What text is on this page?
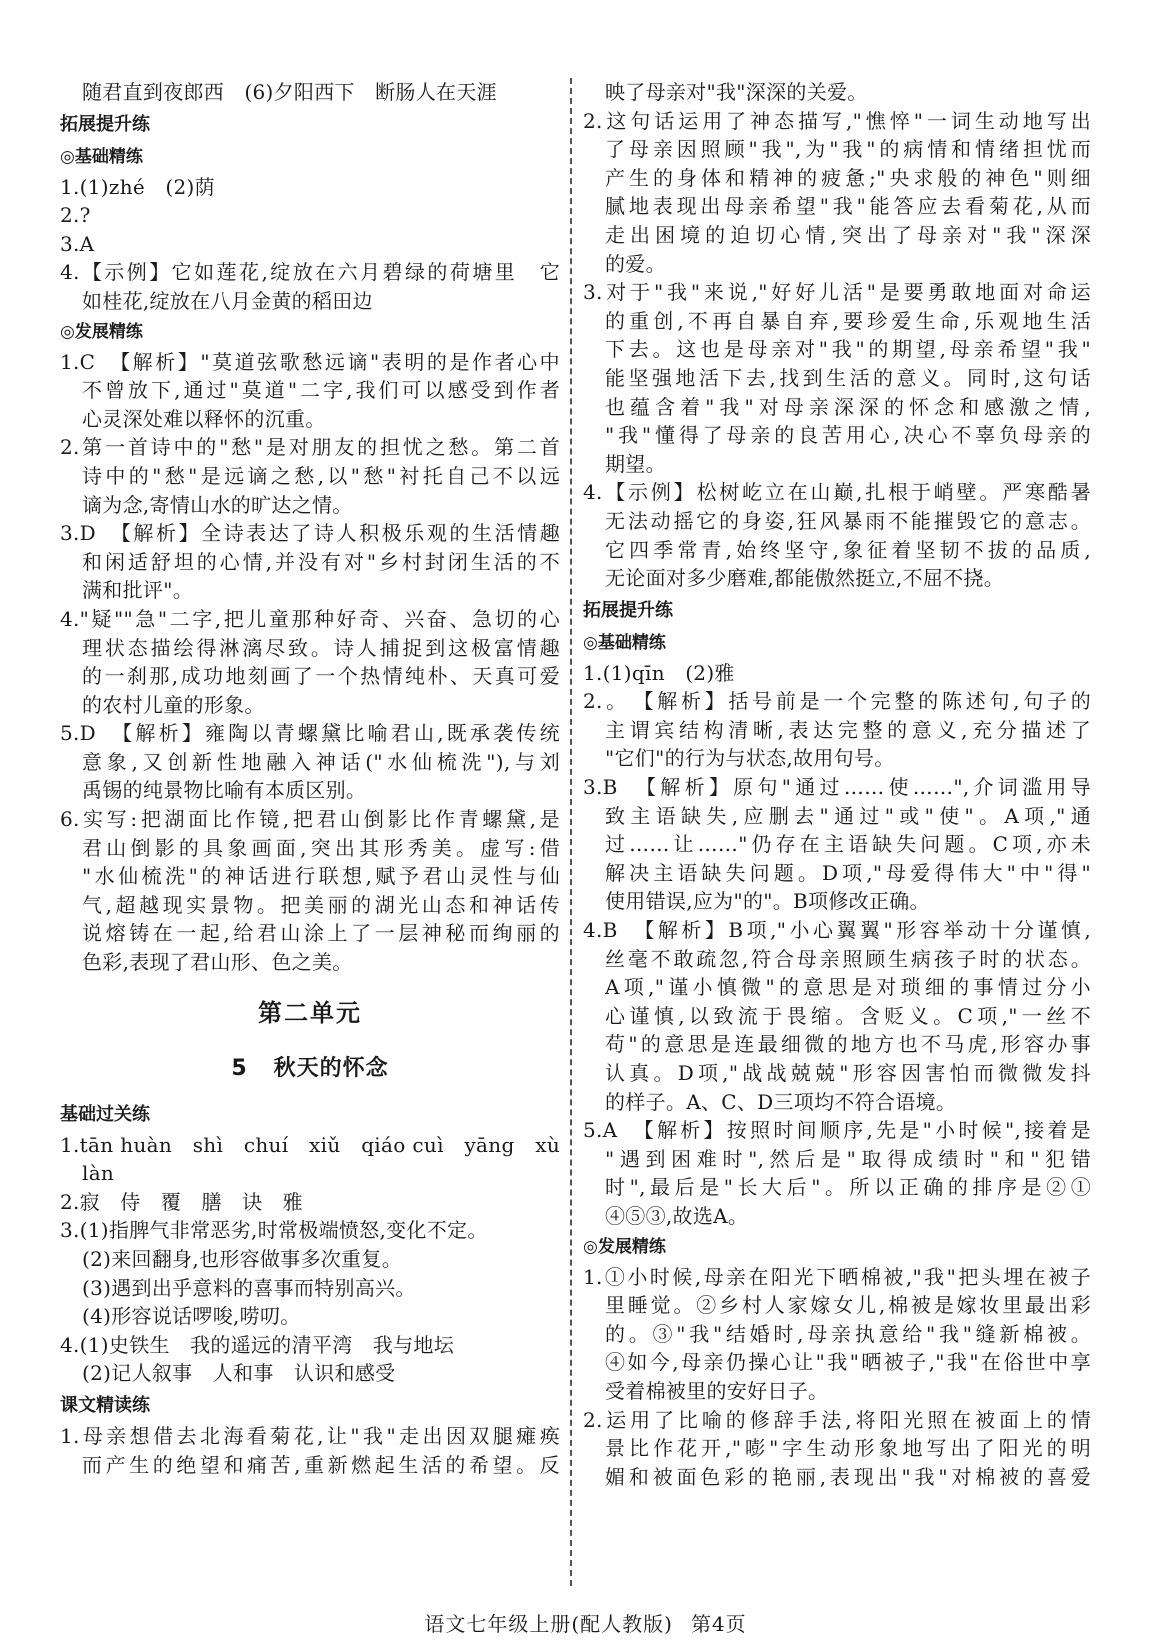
随君直到夜郎西　(6)夕阳西下　断肠人在天涯
拓展提升练
◎基础精练
1.(1)zhé　(2)荫
2.?
3.A
4.【示例】它如莲花,绽放在六月碧绿的荷塘里　它
如桂花,绽放在八月金黄的稻田边
◎发展精练
1.C　【解析】"莫道弦歌愁远谪"表明的是作者心中
不曾放下,通过"莫道"二字,我们可以感受到作者
心灵深处难以释怀的沉重。
2.第一首诗中的"愁"是对朋友的担忧之愁。第二首
诗中的"愁"是远谪之愁,以"愁"衬托自己不以远
谪为念,寄情山水的旷达之情。
3.D　【解析】全诗表达了诗人积极乐观的生活情趣
和闲适舒坦的心情,并没有对"乡村封闭生活的不
满和批评"。
4."疑""急"二字,把儿童那种好奇、兴奋、急切的心
理状态描绘得淋漓尽致。诗人捕捉到这极富情趣
的一刹那,成功地刻画了一个热情纯朴、天真可爱
的农村儿童的形象。
5.D　【解析】雍陶以青螺黛比喻君山,既承袭传统
意象,又创新性地融入神话("水仙梳洗"),与刘
禹锡的纯景物比喻有本质区别。
6.实写:把湖面比作镜,把君山倒影比作青螺黛,是
君山倒影的具象画面,突出其形秀美。虚写:借
"水仙梳洗"的神话进行联想,赋予君山灵性与仙
气,超越现实景物。把美丽的湖光山态和神话传
说熔铸在一起,给君山涂上了一层神秘而绚丽的
色彩,表现了君山形、色之美。
第二单元
5 秋天的怀念
基础过关练
1.tān huàn　shì　chuí　xiǔ　qiáo cuì　yāng　xù
làn
2.寂　侍　覆　膳　诀　雅
3.(1)指脾气非常恶劣,时常极端愤怒,变化不定。
(2)来回翻身,也形容做事多次重复。
(3)遇到出乎意料的喜事而特别高兴。
(4)形容说话啰唆,唠叨。
4.(1)史铁生　我的遥远的清平湾　我与地坛
(2)记人叙事　人和事　认识和感受
课文精读练
1.母亲想借去北海看菊花,让"我"走出因双腿瘫痪
而产生的绝望和痛苦,重新燃起生活的希望。反
映了母亲对"我"深深的关爱。
2.这句话运用了神态描写,"憔悴"一词生动地写出
了母亲因照顾"我",为"我"的病情和情绪担忧而
产生的身体和精神的疲惫;"央求般的神色"则细
腻地表现出母亲希望"我"能答应去看菊花,从而
走出困境的迫切心情,突出了母亲对"我"深深
的爱。
3.对于"我"来说,"好好儿活"是要勇敢地面对命运
的重创,不再自暴自弃,要珍爱生命,乐观地生活
下去。这也是母亲对"我"的期望,母亲希望"我"
能坚强地活下去,找到生活的意义。同时,这句话
也蕴含着"我"对母亲深深的怀念和感激之情,
"我"懂得了母亲的良苦用心,决心不辜负母亲的
期望。
4.【示例】松树屹立在山巅,扎根于峭壁。严寒酷暑
无法动摇它的身姿,狂风暴雨不能摧毁它的意志。
它四季常青,始终坚守,象征着坚韧不拔的品质,
无论面对多少磨难,都能傲然挺立,不屈不挠。
拓展提升练
◎基础精练
1.(1)qīn　(2)雅
2.。　【解析】括号前是一个完整的陈述句,句子的
主谓宾结构清晰,表达完整的意义,充分描述了
"它们"的行为与状态,故用句号。
3.B　【解析】原句"通过……使……",介词滥用导
致主语缺失,应删去"通过"或"使"。A项,"通
过……让……"仍存在主语缺失问题。C项,亦未
解决主语缺失问题。D项,"母爱得伟大"中"得"
使用错误,应为"的"。B项修改正确。
4.B　【解析】B项,"小心翼翼"形容举动十分谨慎,
丝毫不敢疏忽,符合母亲照顾生病孩子时的状态。
A项,"谨小慎微"的意思是对琐细的事情过分小
心谨慎,以致流于畏缩。含贬义。C项,"一丝不
苟"的意思是连最细微的地方也不马虎,形容办事
认真。D项,"战战兢兢"形容因害怕而微微发抖
的样子。A、C、D三项均不符合语境。
5.A　【解析】按照时间顺序,先是"小时候",接着是
"遇到困难时",然后是"取得成绩时"和"犯错
时",最后是"长大后"。所以正确的排序是②①
④⑤③,故选A。
◎发展精练
1.①小时候,母亲在阳光下晒棉被,"我"把头埋在被子
里睡觉。②乡村人家嫁女儿,棉被是嫁妆里最出彩
的。③"我"结婚时,母亲执意给"我"缝新棉被。
④如今,母亲仍操心让"我"晒被子,"我"在俗世中享
受着棉被里的安好日子。
2.运用了比喻的修辞手法,将阳光照在被面上的情
景比作花开,"嘭"字生动形象地写出了阳光的明
媚和被面色彩的艳丽,表现出"我"对棉被的喜爱
语文七年级上册(配人教版) 第4页
